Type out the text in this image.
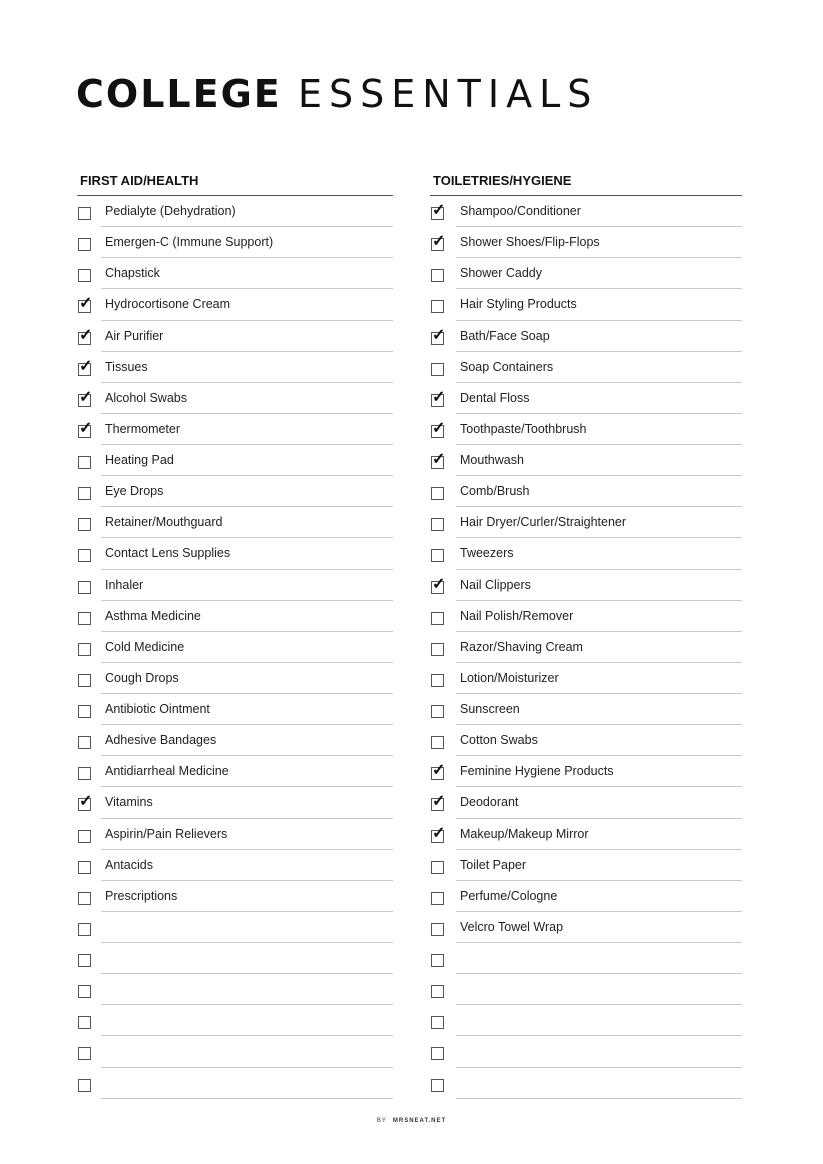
COLLEGE ESSENTIALS
FIRST AID/HEALTH
Pedialyte (Dehydration)
Emergen-C (Immune Support)
Chapstick
✓ Hydrocortisone Cream
✓ Air Purifier
✓ Tissues
✓ Alcohol Swabs
✓ Thermometer
Heating Pad
Eye Drops
Retainer/Mouthguard
Contact Lens Supplies
Inhaler
Asthma Medicine
Cold Medicine
Cough Drops
Antibiotic Ointment
Adhesive Bandages
Antidiarrheal Medicine
✓ Vitamins
Aspirin/Pain Relievers
Antacids
Prescriptions
TOILETRIES/HYGIENE
✓ Shampoo/Conditioner
✓ Shower Shoes/Flip-Flops
Shower Caddy
Hair Styling Products
✓ Bath/Face Soap
Soap Containers
✓ Dental Floss
✓ Toothpaste/Toothbrush
✓ Mouthwash
Comb/Brush
Hair Dryer/Curler/Straightener
Tweezers
✓ Nail Clippers
Nail Polish/Remover
Razor/Shaving Cream
Lotion/Moisturizer
Sunscreen
Cotton Swabs
✓ Feminine Hygiene Products
✓ Deodorant
✓ Makeup/Makeup Mirror
Toilet Paper
Perfume/Cologne
Velcro Towel Wrap
BY MRSNEAT.NET
